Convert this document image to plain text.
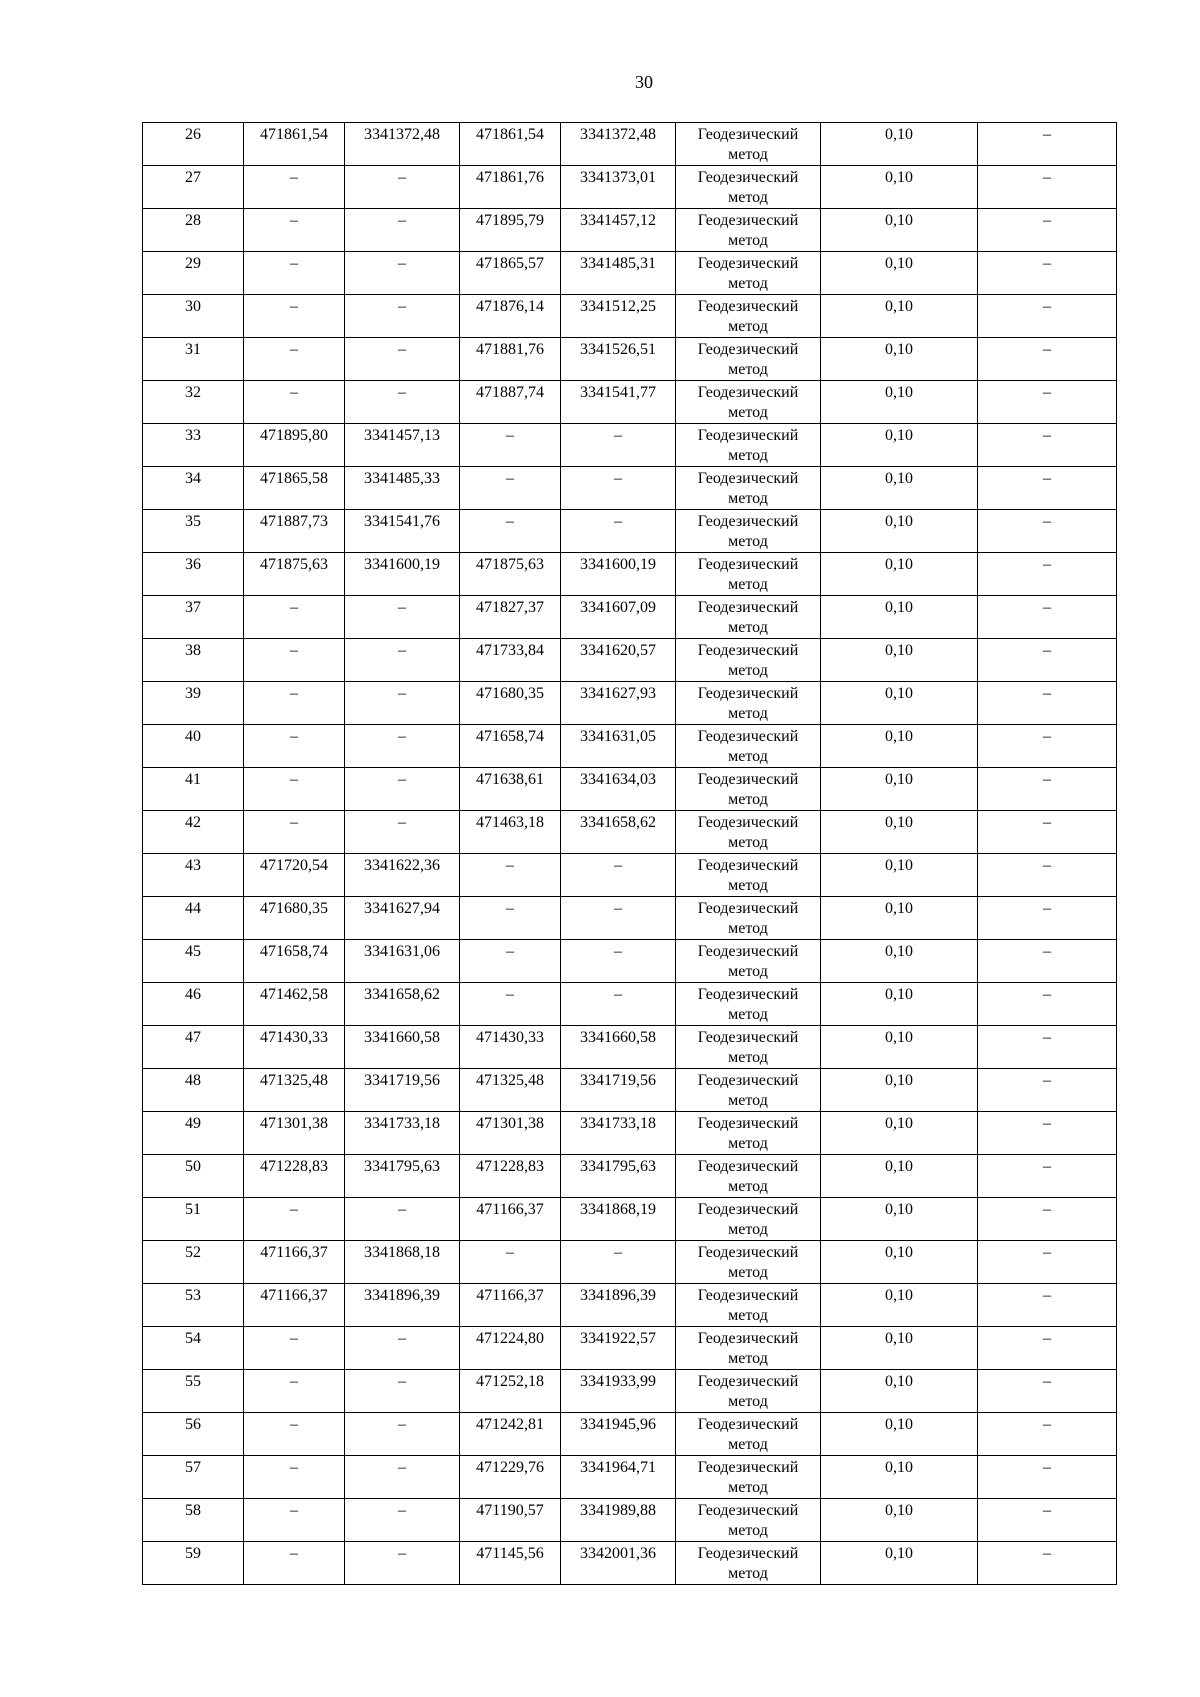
30
26	471861,54	3341372,48	471861,54	3341372,48	Геодезический метод	0,10	–
27	–	–	471861,76	3341373,01	Геодезический метод	0,10	–
28	–	–	471895,79	3341457,12	Геодезический метод	0,10	–
29	–	–	471865,57	3341485,31	Геодезический метод	0,10	–
30	–	–	471876,14	3341512,25	Геодезический метод	0,10	–
31	–	–	471881,76	3341526,51	Геодезический метод	0,10	–
32	–	–	471887,74	3341541,77	Геодезический метод	0,10	–
33	471895,80	3341457,13	–	–	Геодезический метод	0,10	–
34	471865,58	3341485,33	–	–	Геодезический метод	0,10	–
35	471887,73	3341541,76	–	–	Геодезический метод	0,10	–
36	471875,63	3341600,19	471875,63	3341600,19	Геодезический метод	0,10	–
37	–	–	471827,37	3341607,09	Геодезический метод	0,10	–
38	–	–	471733,84	3341620,57	Геодезический метод	0,10	–
39	–	–	471680,35	3341627,93	Геодезический метод	0,10	–
40	–	–	471658,74	3341631,05	Геодезический метод	0,10	–
41	–	–	471638,61	3341634,03	Геодезический метод	0,10	–
42	–	–	471463,18	3341658,62	Геодезический метод	0,10	–
43	471720,54	3341622,36	–	–	Геодезический метод	0,10	–
44	471680,35	3341627,94	–	–	Геодезический метод	0,10	–
45	471658,74	3341631,06	–	–	Геодезический метод	0,10	–
46	471462,58	3341658,62	–	–	Геодезический метод	0,10	–
47	471430,33	3341660,58	471430,33	3341660,58	Геодезический метод	0,10	–
48	471325,48	3341719,56	471325,48	3341719,56	Геодезический метод	0,10	–
49	471301,38	3341733,18	471301,38	3341733,18	Геодезический метод	0,10	–
50	471228,83	3341795,63	471228,83	3341795,63	Геодезический метод	0,10	–
51	–	–	471166,37	3341868,19	Геодезический метод	0,10	–
52	471166,37	3341868,18	–	–	Геодезический метод	0,10	–
53	471166,37	3341896,39	471166,37	3341896,39	Геодезический метод	0,10	–
54	–	–	471224,80	3341922,57	Геодезический метод	0,10	–
55	–	–	471252,18	3341933,99	Геодезический метод	0,10	–
56	–	–	471242,81	3341945,96	Геодезический метод	0,10	–
57	–	–	471229,76	3341964,71	Геодезический метод	0,10	–
58	–	–	471190,57	3341989,88	Геодезический метод	0,10	–
59	–	–	471145,56	3342001,36	Геодезический метод	0,10	–
